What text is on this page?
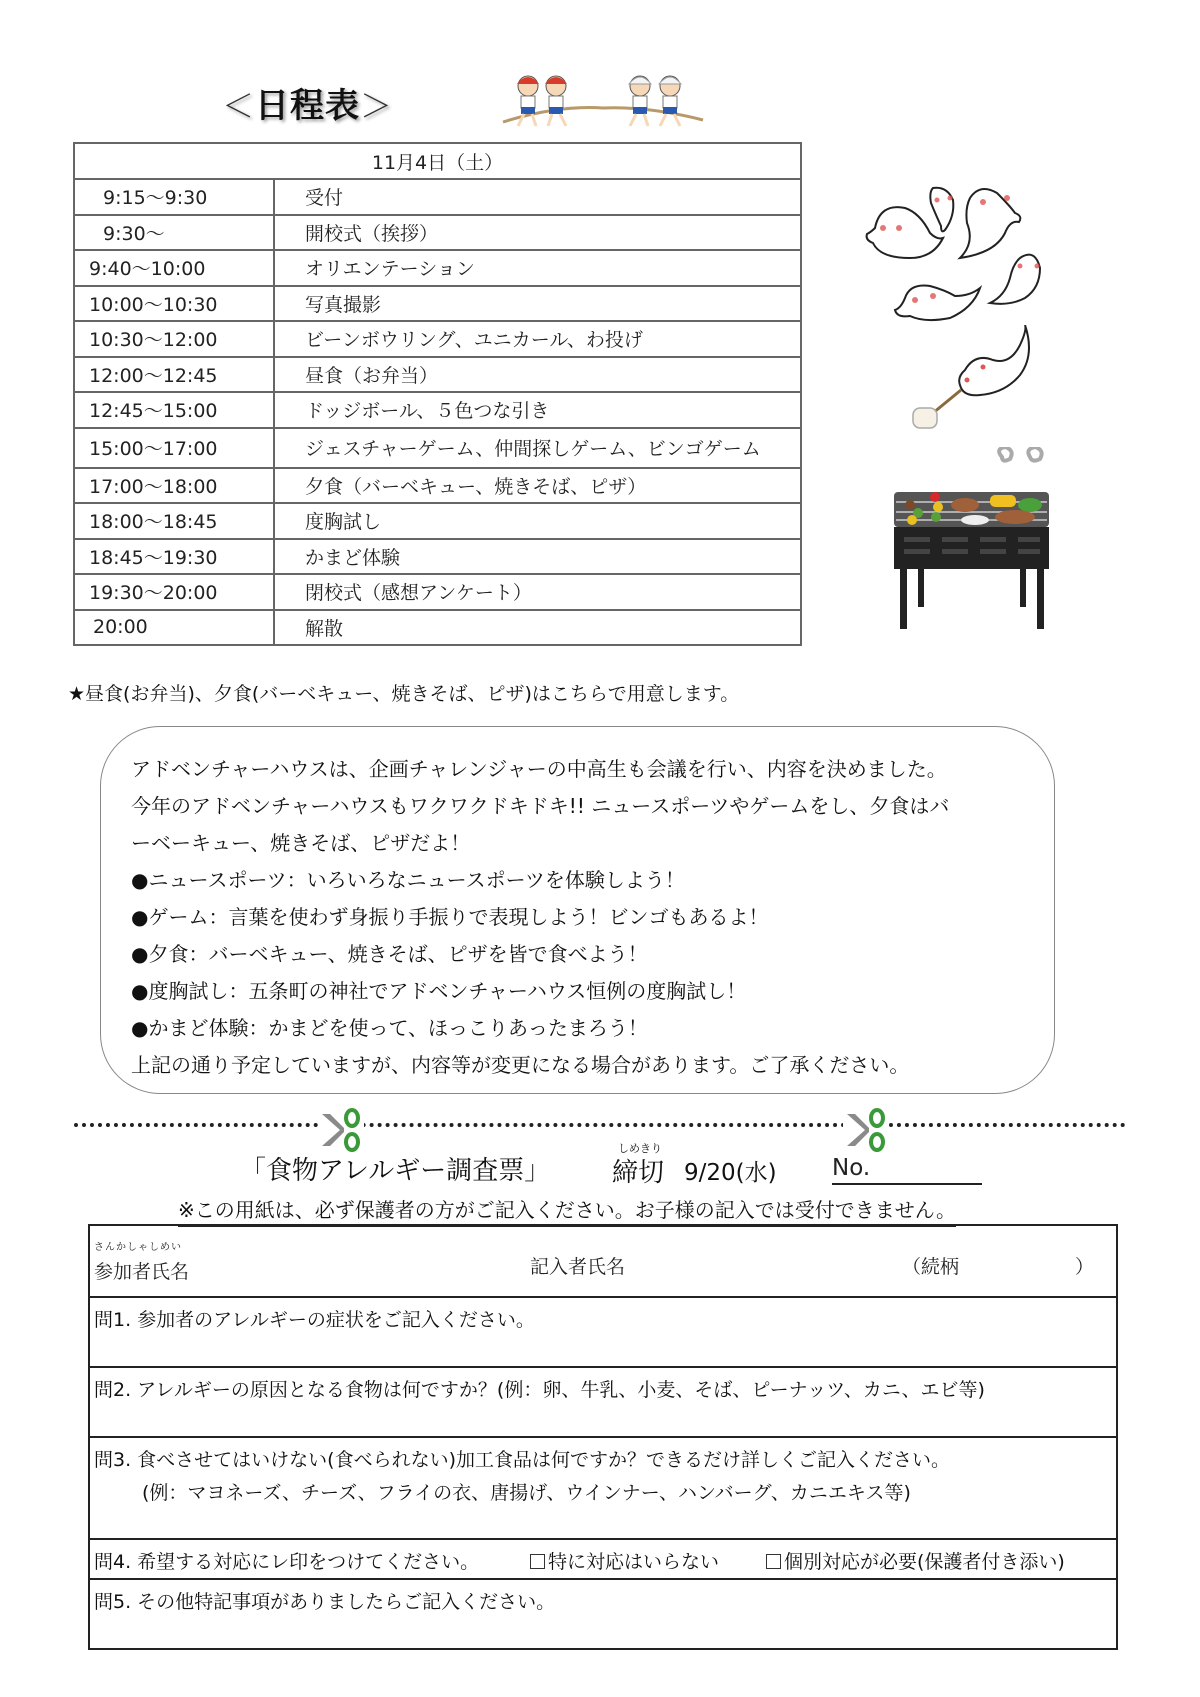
＜日程表＞
11月4日（土）	
9:15～9:30	受付
9:30～	開校式（挨拶）
9:40～10:00	オリエンテーション
10:00～10:30	写真撮影
10:30～12:00	ビーンボウリング、ユニカール、わ投げ
12:00～12:45	昼食（お弁当）
12:45～15:00	ドッジボール、５色つな引き
15:00～17:00	ジェスチャーゲーム、仲間探しゲーム、ビンゴゲーム
17:00～18:00	夕食（バーベキュー、焼きそば、ピザ）
18:00～18:45	度胸試し
18:45～19:30	かまど体験
19:30～20:00	閉校式（感想アンケート）
20:00	解散
★昼食(お弁当)、夕食(バーベキュー、焼きそば、ピザ)はこちらで用意します。
アドベンチャーハウスは、企画チャレンジャーの中高生も会議を行い、内容を決めました。
今年のアドベンチャーハウスもワクワクドキドキ!! ニュースポーツやゲームをし、夕食はバ
ーベーキュー、焼きそば、ピザだよ！
●ニュースポーツ：いろいろなニュースポーツを体験しよう！
●ゲーム：言葉を使わず身振り手振りで表現しよう！ビンゴもあるよ！
●夕食：バーベキュー、焼きそば、ピザを皆で食べよう！
●度胸試し：五条町の神社でアドベンチャーハウス恒例の度胸試し！
●かまど体験：かまどを使って、ほっこりあったまろう！
上記の通り予定していますが、内容等が変更になる場合があります。ご了承ください。
「食物アレルギー調査票」
しめきり
締切 9/20(水) No.
※この用紙は、必ず保護者の方がご記入ください。お子様の記入では受付できません。
さんかしゃしめい
参加者氏名	記入者氏名	（続柄	）
問1. 参加者のアレルギーの症状をご記入ください。
問2. アレルギーの原因となる食物は何ですか？(例：卵、牛乳、小麦、そば、ピーナッツ、カニ、エビ等)
問3. 食べさせてはいけない(食べられない)加工食品は何ですか？できるだけ詳しくご記入ください。
(例：マヨネーズ、チーズ、フライの衣、唐揚げ、ウインナー、ハンバーグ、カニエキス等)
問4. 希望する対応にレ印をつけてください。	特に対応はいらない	個別対応が必要(保護者付き添い)
問5. その他特記事項がありましたらご記入ください。
